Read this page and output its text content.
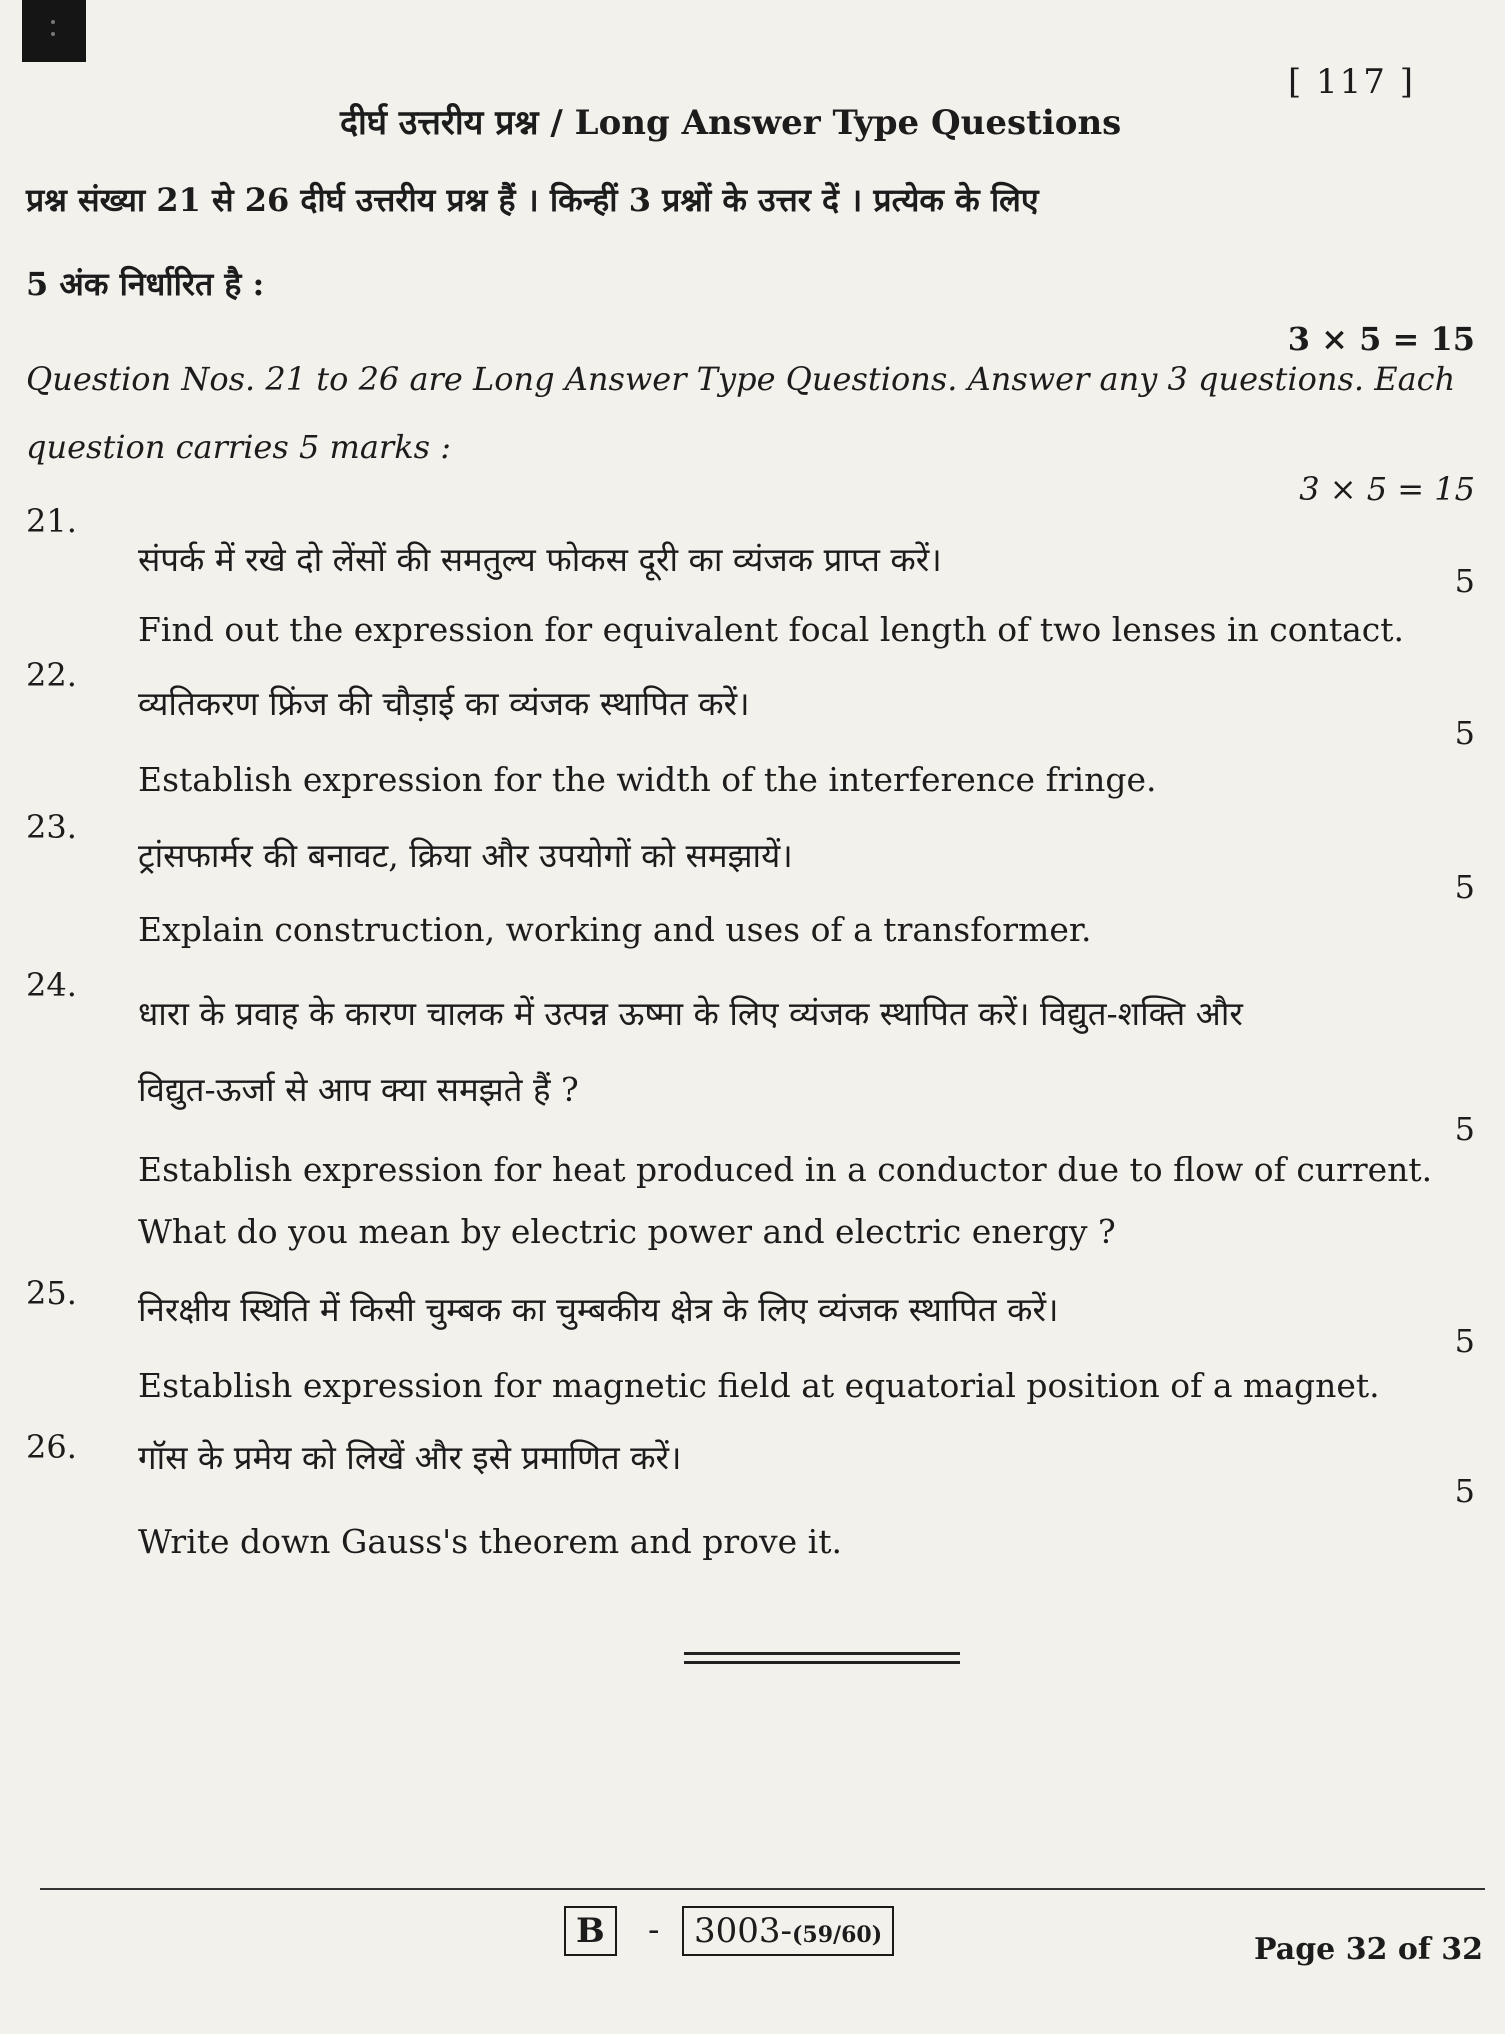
[ 117 ]
दीर्घ उत्तरीय प्रश्न / Long Answer Type Questions
प्रश्न संख्या 21 से 26 दीर्घ उत्तरीय प्रश्न हैं । किन्हीं 3 प्रश्नों के उत्तर दें । प्रत्येक के लिए
5 अंक निर्धारित है :
3 × 5 = 15
Question Nos. 21 to 26 are Long Answer Type Questions. Answer any 3 questions. Each
question carries 5 marks :
3 × 5 = 15
21.
संपर्क में रखे दो लेंसों की समतुल्य फोकस दूरी का व्यंजक प्राप्त करें।
5
Find out the expression for equivalent focal length of two lenses in contact.
22.
व्यतिकरण फ्रिंज की चौड़ाई का व्यंजक स्थापित करें।
5
Establish expression for the width of the interference fringe.
23.
ट्रांसफार्मर की बनावट, क्रिया और उपयोगों को समझायें।
5
Explain construction, working and uses of a transformer.
24.
धारा के प्रवाह के कारण चालक में उत्पन्न ऊष्मा के लिए व्यंजक स्थापित करें। विद्युत-शक्ति और
विद्युत-ऊर्जा से आप क्या समझते हैं ?
5
Establish expression for heat produced in a conductor due to flow of current.
What do you mean by electric power and electric energy ?
25. निरक्षीय स्थिति में किसी चुम्बक का चुम्बकीय क्षेत्र के लिए व्यंजक स्थापित करें।
5
Establish expression for magnetic field at equatorial position of a magnet.
26. गॉस के प्रमेय को लिखें और इसे प्रमाणित करें।
5
Write down Gauss's theorem and prove it.
B	-	3003-(59/60)	Page 32 of 32
